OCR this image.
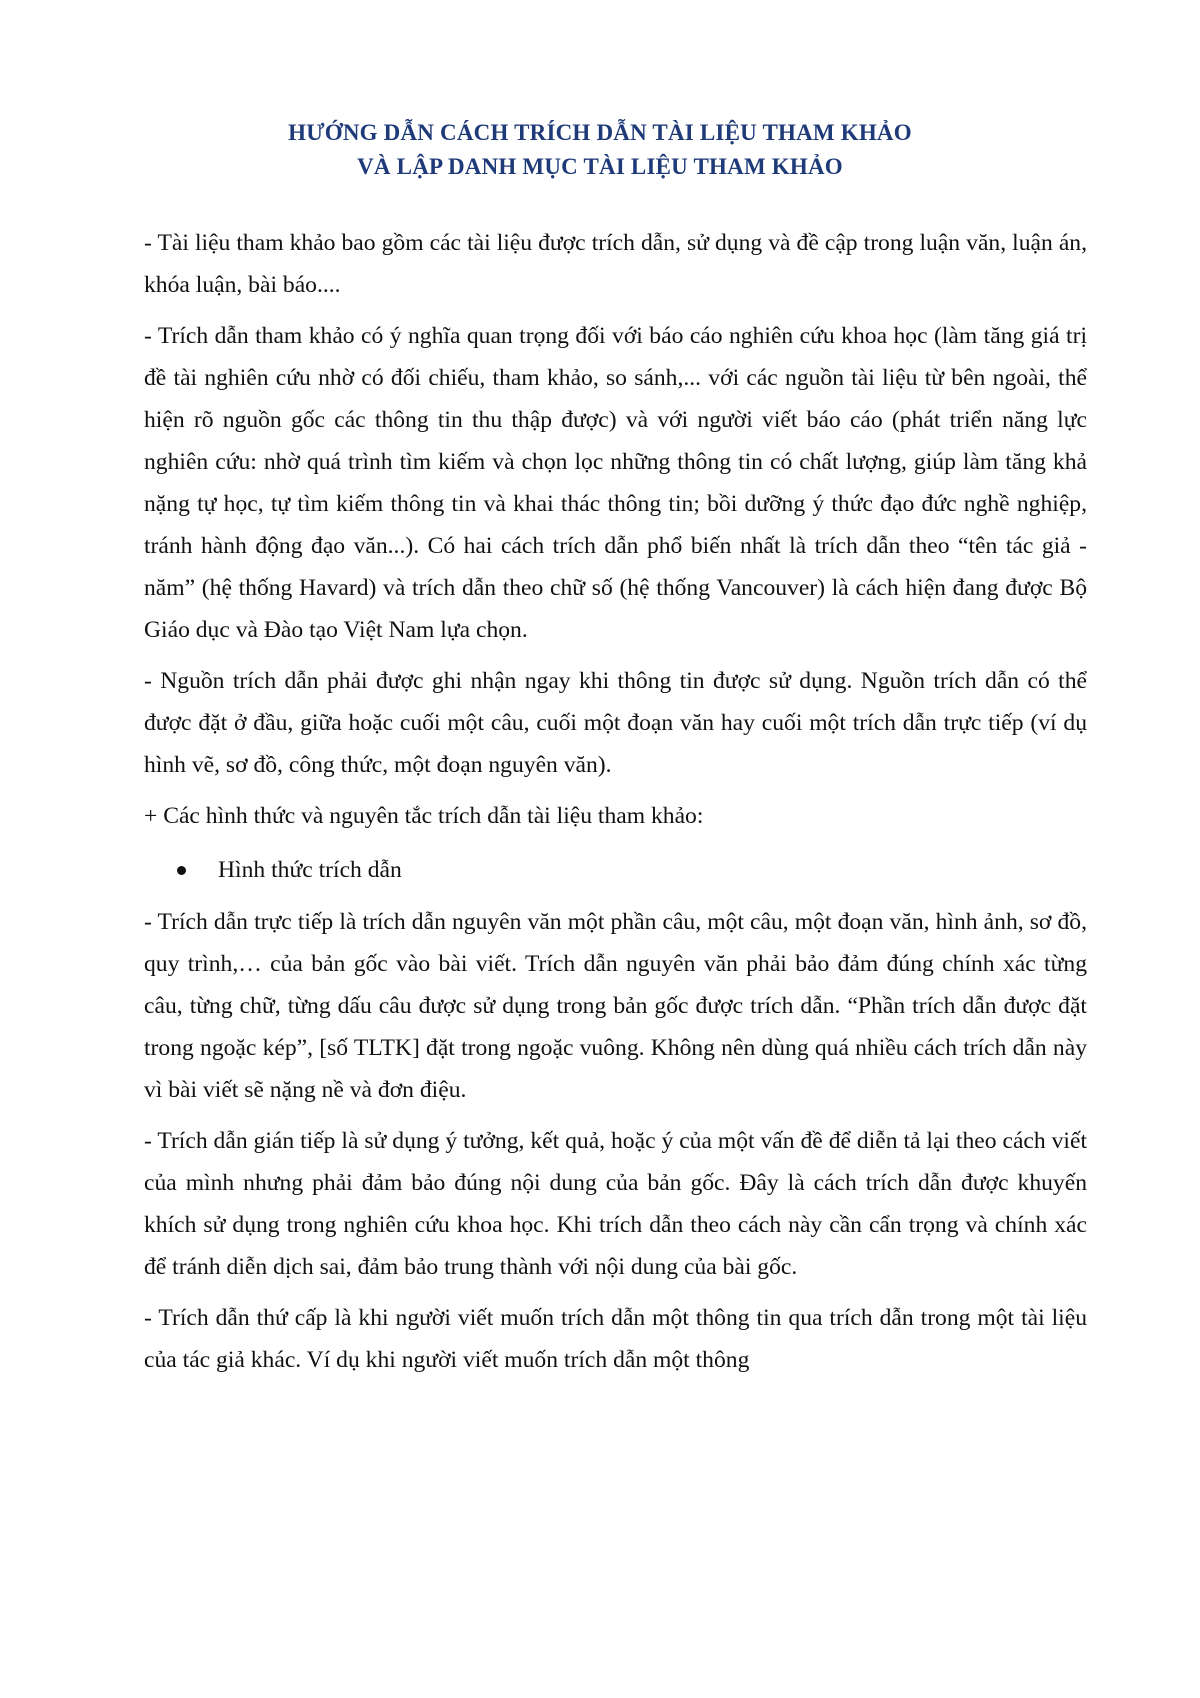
HƯỚNG DẪN CÁCH TRÍCH DẪN TÀI LIỆU THAM KHẢO
VÀ LẬP DANH MỤC TÀI LIỆU THAM KHẢO

- Tài liệu tham khảo bao gồm các tài liệu được trích dẫn, sử dụng và đề cập trong luận văn, luận án, khóa luận, bài báo....

- Trích dẫn tham khảo có ý nghĩa quan trọng đối với báo cáo nghiên cứu khoa học (làm tăng giá trị đề tài nghiên cứu nhờ có đối chiếu, tham khảo, so sánh,... với các nguồn tài liệu từ bên ngoài, thể hiện rõ nguồn gốc các thông tin thu thập được) và với người viết báo cáo (phát triển năng lực nghiên cứu: nhờ quá trình tìm kiếm và chọn lọc những thông tin có chất lượng, giúp làm tăng khả nặng tự học, tự tìm kiếm thông tin và khai thác thông tin; bồi dưỡng ý thức đạo đức nghề nghiệp, tránh hành động đạo văn...). Có hai cách trích dẫn phổ biến nhất là trích dẫn theo “tên tác giả - năm” (hệ thống Havard) và trích dẫn theo chữ số (hệ thống Vancouver) là cách hiện đang được Bộ Giáo dục và Đào tạo Việt Nam lựa chọn.

- Nguồn trích dẫn phải được ghi nhận ngay khi thông tin được sử dụng. Nguồn trích dẫn có thể được đặt ở đầu, giữa hoặc cuối một câu, cuối một đoạn văn hay cuối một trích dẫn trực tiếp (ví dụ hình vẽ, sơ đồ, công thức, một đoạn nguyên văn).

+ Các hình thức và nguyên tắc trích dẫn tài liệu tham khảo:

Hình thức trích dẫn

- Trích dẫn trực tiếp là trích dẫn nguyên văn một phần câu, một câu, một đoạn văn, hình ảnh, sơ đồ, quy trình,… của bản gốc vào bài viết. Trích dẫn nguyên văn phải bảo đảm đúng chính xác từng câu, từng chữ, từng dấu câu được sử dụng trong bản gốc được trích dẫn. “Phần trích dẫn được đặt trong ngoặc kép”, [số TLTK] đặt trong ngoặc vuông. Không nên dùng quá nhiều cách trích dẫn này vì bài viết sẽ nặng nề và đơn điệu.

- Trích dẫn gián tiếp là sử dụng ý tưởng, kết quả, hoặc ý của một vấn đề để diễn tả lại theo cách viết của mình nhưng phải đảm bảo đúng nội dung của bản gốc. Đây là cách trích dẫn được khuyến khích sử dụng trong nghiên cứu khoa học. Khi trích dẫn theo cách này cần cẩn trọng và chính xác để tránh diễn dịch sai, đảm bảo trung thành với nội dung của bài gốc.

- Trích dẫn thứ cấp là khi người viết muốn trích dẫn một thông tin qua trích dẫn trong một tài liệu của tác giả khác. Ví dụ khi người viết muốn trích dẫn một thông
